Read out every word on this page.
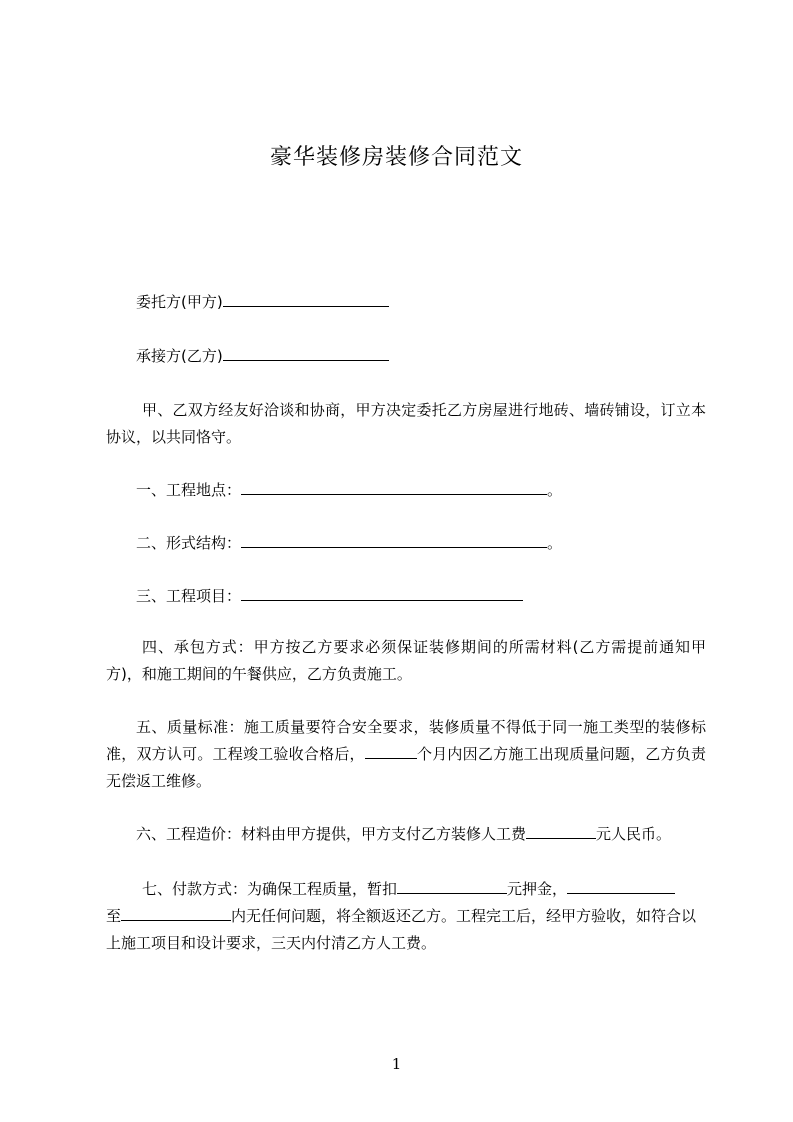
豪华装修房装修合同范文
委托方(甲方)
承接方(乙方)
甲、乙双方经友好洽谈和协商，甲方决定委托乙方房屋进行地砖、墙砖铺设，订立本协议，以共同恪守。
一、工程地点：	。
二、形式结构：	。
三、工程项目：
四、承包方式：甲方按乙方要求必须保证装修期间的所需材料(乙方需提前通知甲方)，和施工期间的午餐供应，乙方负责施工。
五、质量标准：施工质量要符合安全要求，装修质量不得低于同一施工类型的装修标准，双方认可。工程竣工验收合格后，	个月内因乙方施工出现质量问题，乙方负责无偿返工维修。
六、工程造价：材料由甲方提供，甲方支付乙方装修人工费	元人民币。
七、付款方式：为确保工程质量，暂扣	元押金，
至	内无任何问题，将全额返还乙方。工程完工后，经甲方验收，如符合以上施工项目和设计要求，三天内付清乙方人工费。
1
